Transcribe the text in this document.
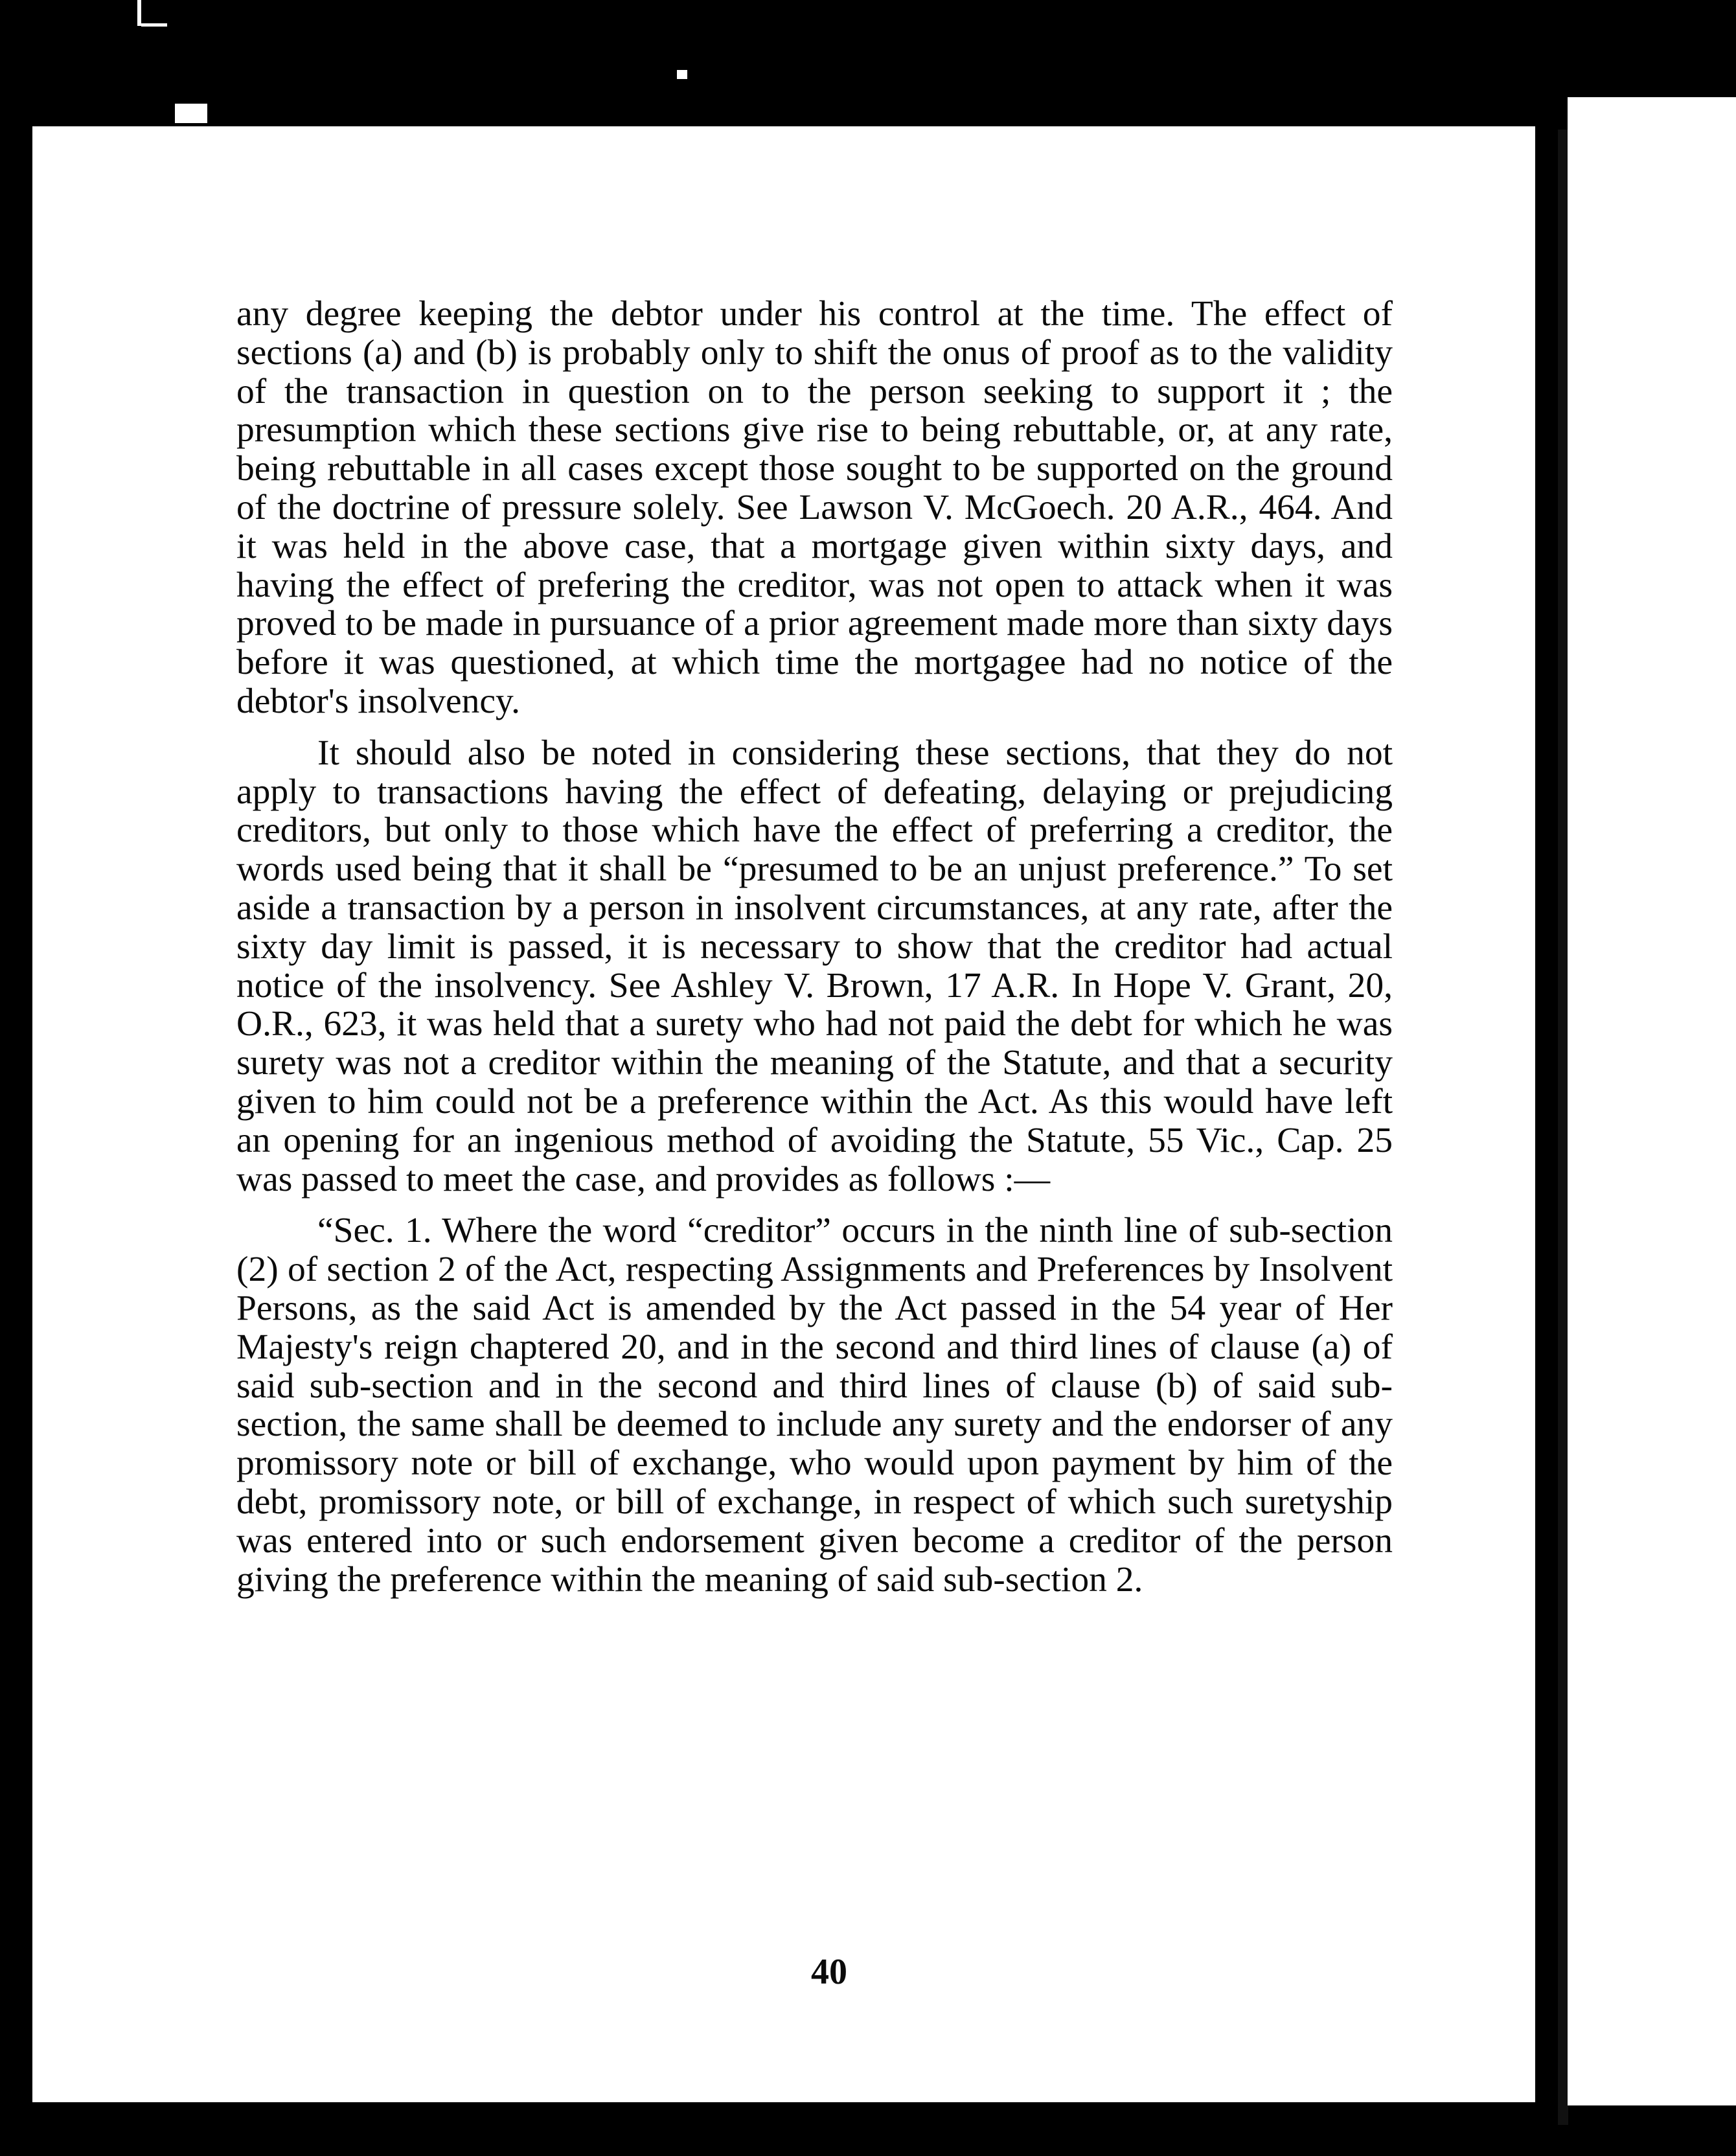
any degree keeping the debtor under his control at the time. The effect of sections (a) and (b) is probably only to shift the onus of proof as to the validity of the transaction in question on to the person seeking to support it ; the presumption which these sections give rise to being rebuttable, or, at any rate, being rebuttable in all cases except those sought to be supported on the ground of the doctrine of pressure solely. See Lawson V. McGoech. 20 A.R., 464. And it was held in the above case, that a mortgage given within sixty days, and having the effect of prefering the creditor, was not open to attack when it was proved to be made in pursuance of a prior agreement made more than sixty days before it was questioned, at which time the mortgagee had no notice of the debtor's insolvency.

It should also be noted in considering these sections, that they do not apply to transactions having the effect of defeating, delaying or prejudicing creditors, but only to those which have the effect of preferring a creditor, the words used being that it shall be “presumed to be an unjust preference.” To set aside a transaction by a person in insolvent circumstances, at any rate, after the sixty day limit is passed, it is necessary to show that the creditor had actual notice of the insolvency. See Ashley V. Brown, 17 A.R. In Hope V. Grant, 20, O.R., 623, it was held that a surety who had not paid the debt for which he was surety was not a creditor within the meaning of the Statute, and that a security given to him could not be a preference within the Act. As this would have left an opening for an ingenious method of avoiding the Statute, 55 Vic., Cap. 25 was passed to meet the case, and provides as follows :—

“Sec. 1. Where the word “creditor” occurs in the ninth line of sub-section (2) of section 2 of the Act, respecting Assignments and Preferences by Insolvent Persons, as the said Act is amended by the Act passed in the 54 year of Her Majesty's reign chaptered 20, and in the second and third lines of clause (a) of said sub-section and in the second and third lines of clause (b) of said sub-section, the same shall be deemed to include any surety and the endorser of any promissory note or bill of exchange, who would upon payment by him of the debt, promissory note, or bill of exchange, in respect of which such suretyship was entered into or such endorsement given become a creditor of the person giving the preference within the meaning of said sub-section 2.

40
